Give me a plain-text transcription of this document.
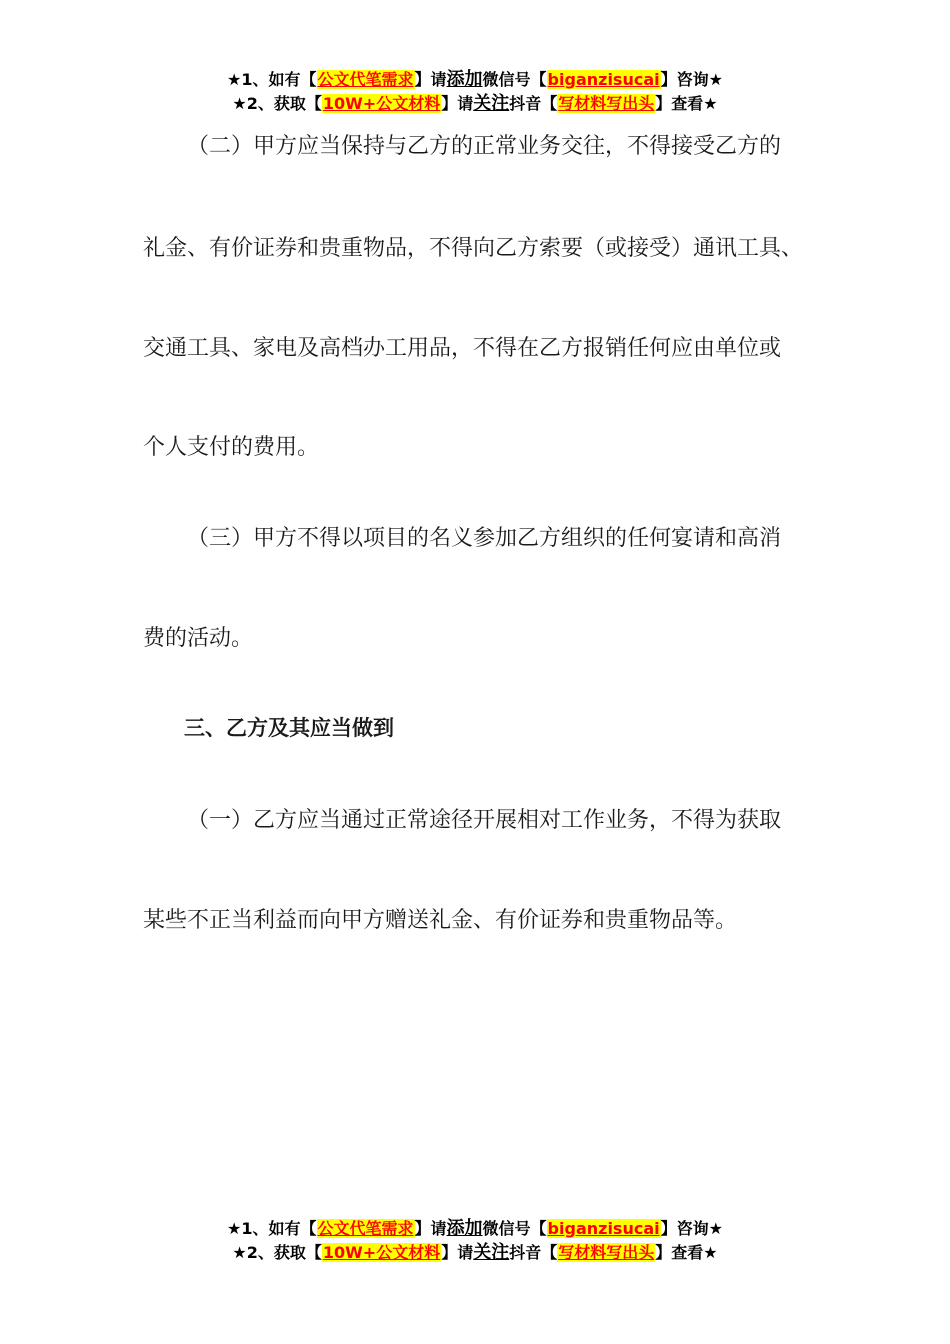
★1、如有【公文代笔需求】请添加微信号【biganzisucai】咨询★
★2、获取【10W+公文材料】请关注抖音【写材料写出头】查看★
（二）甲方应当保持与乙方的正常业务交往，不得接受乙方的
礼金、有价证券和贵重物品，不得向乙方索要（或接受）通讯工具、
交通工具、家电及高档办工用品，不得在乙方报销任何应由单位或
个人支付的费用。
（三）甲方不得以项目的名义参加乙方组织的任何宴请和高消
费的活动。
三、乙方及其应当做到
（一）乙方应当通过正常途径开展相对工作业务，不得为获取
某些不正当利益而向甲方赠送礼金、有价证券和贵重物品等。
★1、如有【公文代笔需求】请添加微信号【biganzisucai】咨询★
★2、获取【10W+公文材料】请关注抖音【写材料写出头】查看★
